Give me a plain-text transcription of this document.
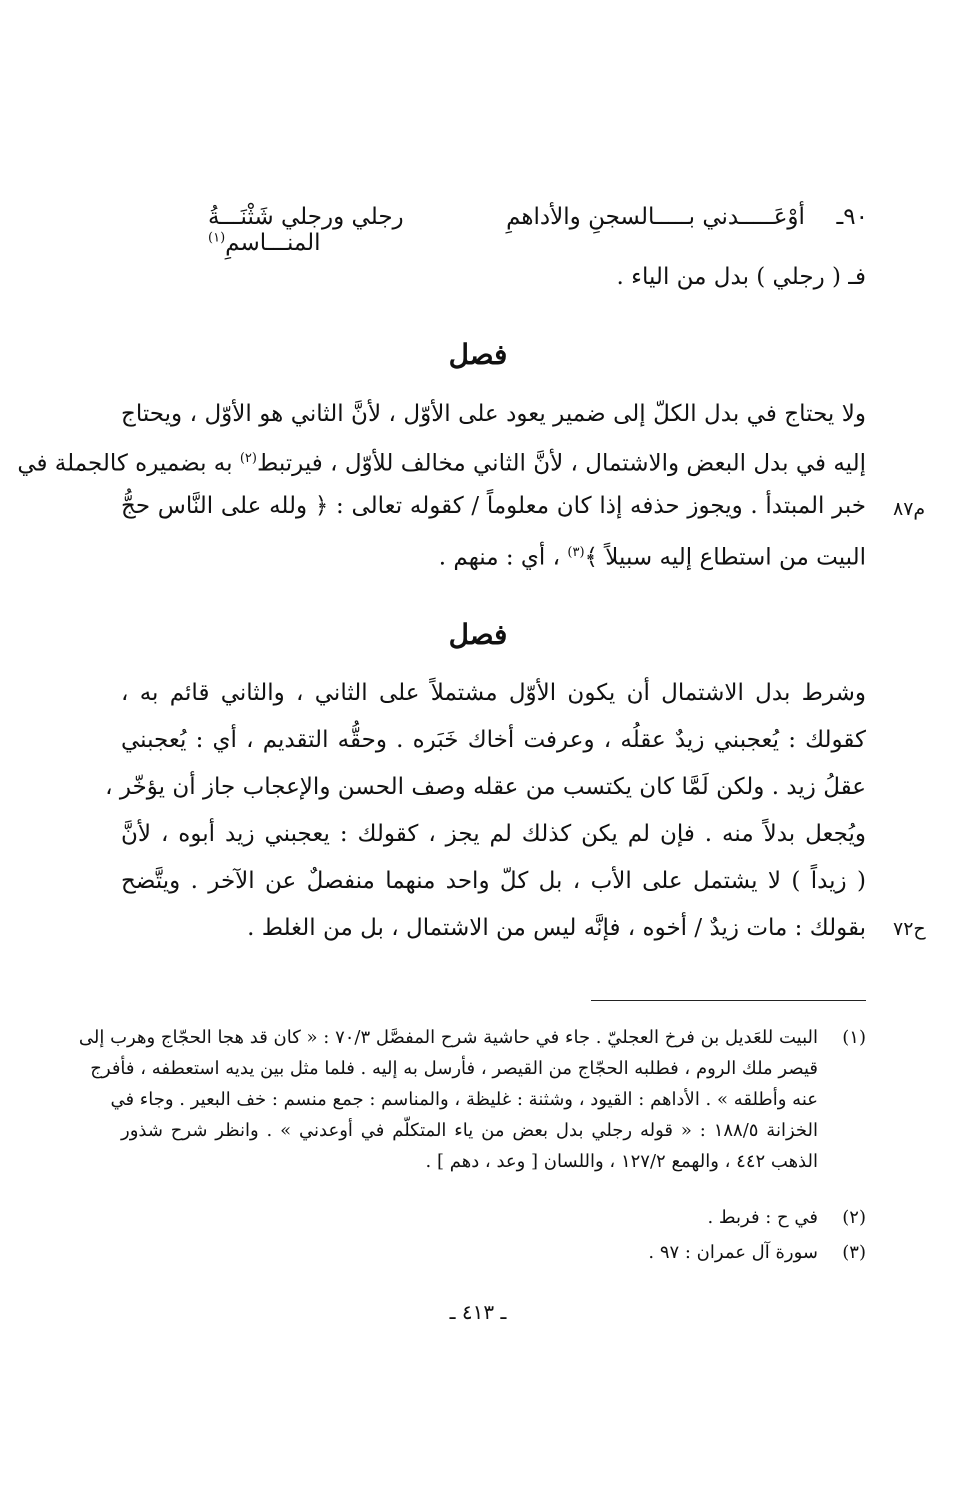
٩٠ـ
أوْعَـــــدني بـــــالسجنِ والأداهمِ
رجلي ورجلي شَثْنَـــةُ المنـــاسمِ$^{(١)}$
فـ ( رجلي ) بدل من الياء .
فصل
ولا يحتاج في بدل الكلّ إلى ضمير يعود على الأوّل ، لأنَّ الثاني هو الأوّل ، ويحتاج
إليه في بدل البعض والاشتمال ، لأنَّ الثاني مخالف للأوّل ، فيرتبط$^{(٢)}$ به بضميره كالجملة في
خبر المبتدأ . ويجوز حذفه إذا كان معلوماً / كقوله تعالى : ﴿ ولله على النَّاس حجُّ
البيت من استطاع إليه سبيلاً ﴾$^{(٣)}$ ، أي : منهم .
م٨٧
فصل
وشرط بدل الاشتمال أن يكون الأوّل مشتملاً على الثاني ، والثاني قائم به ،
كقولك : يُعجبني زيدٌ عقلُه ، وعرفت أخاك خَبَره . وحقُّه التقديم ، أي : يُعجبني
عقلُ زيد . ولكن لَمَّا كان يكتسب من عقله وصف الحسن والإعجاب جاز أن يؤخّر ،
ويُجعل بدلاً منه . فإن لم يكن كذلك لم يجز ، كقولك : يعجبني زيد أبوه ، لأنَّ
( زيداً ) لا يشتمل على الأب ، بل كلّ واحد منهما منفصلٌ عن الآخر . ويتَّضح
بقولك : مات زيدٌ / أخوه ، فإنَّه ليس من الاشتمال ، بل من الغلط . ح٧٢
(١)
البيت للعَديل بن فرخ العجليّ . جاء في حاشية شرح المفصَّل ٧٠/٣ : « كان قد هجا الحجّاج وهرب إلى
قيصر ملك الروم ، فطلبه الحجّاج من القيصر ، فأرسل به إليه . فلما مثل بين يديه استعطفه ، فأفرج
عنه وأطلقه » . الأداهم : القيود ، وشثنة : غليظة ، والمناسم : جمع منسم : خف البعير . وجاء في
الخزانة ١٨٨/٥ : « قوله رجلي بدل بعض من ياء المتكلّم في أوعدني » . وانظر شرح شذور
الذهب ٤٤٢ ، والهمع ١٢٧/٢ ، واللسان [ وعد ، دهم ] .
(٢)
في ح : فربط .
(٣)
سورة آل عمران : ٩٧ .
ـ ٤١٣ ـ
